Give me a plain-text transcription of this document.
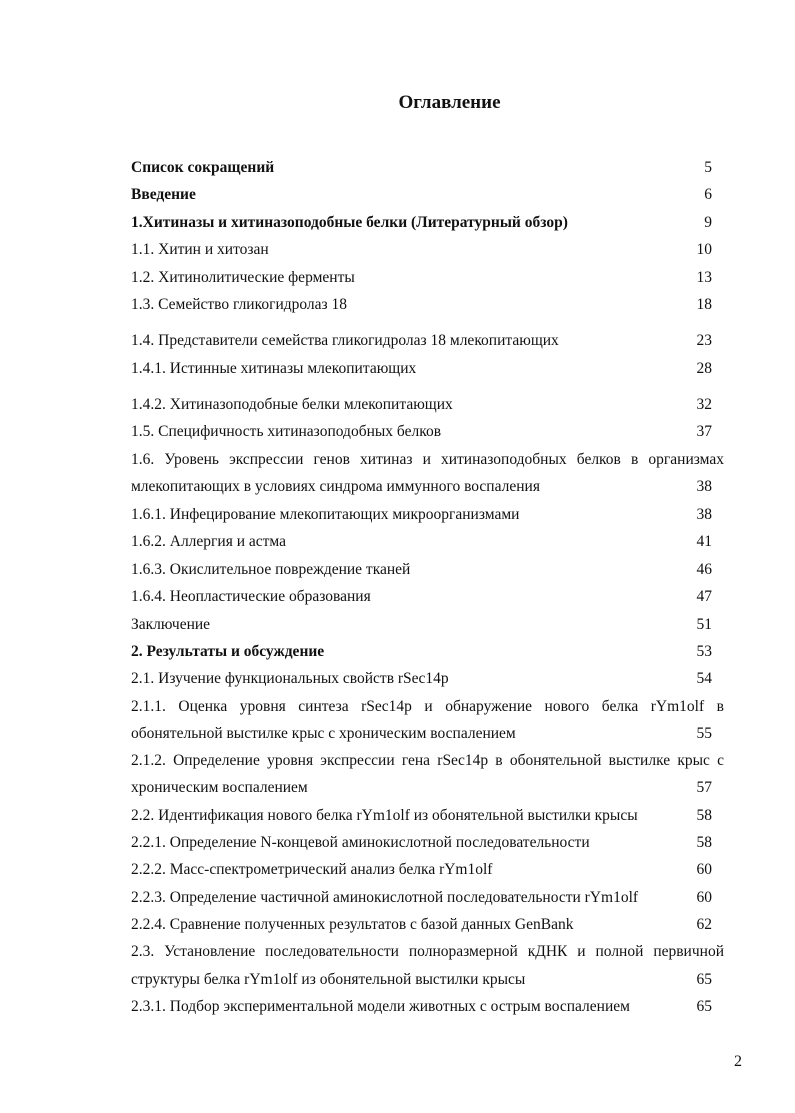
Оглавление
Список сокращений	5
Введение	6
1.Хитиназы и хитиназоподобные белки (Литературный обзор)	9
1.1. Хитин и хитозан	10
1.2. Хитинолитические ферменты	13
1.3. Семейство гликогидролаз 18	18
1.4. Представители семейства гликогидролаз 18 млекопитающих	23
1.4.1. Истинные хитиназы млекопитающих	28
1.4.2. Хитиназоподобные белки млекопитающих	32
1.5. Специфичность хитиназоподобных белков	37
1.6. Уровень экспрессии генов хитиназ и хитиназоподобных белков в организмах
млекопитающих в условиях синдрома иммунного воспаления	38
1.6.1. Инфецирование млекопитающих микроорганизмами	38
1.6.2. Аллергия и астма	41
1.6.3. Окислительное повреждение тканей	46
1.6.4. Неопластические образования	47
Заключение	51
2. Результаты и обсуждение	53
2.1. Изучение функциональных свойств rSec14p	54
2.1.1. Оценка уровня синтеза rSec14p и обнаружение нового белка rYm1olf в
обонятельной выстилке крыс с хроническим воспалением	55
2.1.2. Определение уровня экспрессии гена rSec14p в обонятельной выстилке крыс с
хроническим воспалением	57
2.2. Идентификация нового белка rYm1olf из обонятельной выстилки крысы	58
2.2.1. Определение N-концевой аминокислотной последовательности	58
2.2.2. Масс-спектрометрический анализ белка rYm1olf	60
2.2.3. Определение частичной аминокислотной последовательности rYm1olf	60
2.2.4. Сравнение полученных результатов с базой данных GenBank	62
2.3. Установление последовательности полноразмерной кДНК и полной первичной
структуры белка rYm1olf из обонятельной выстилки крысы	65
2.3.1. Подбор экспериментальной модели животных с острым воспалением	65
2
